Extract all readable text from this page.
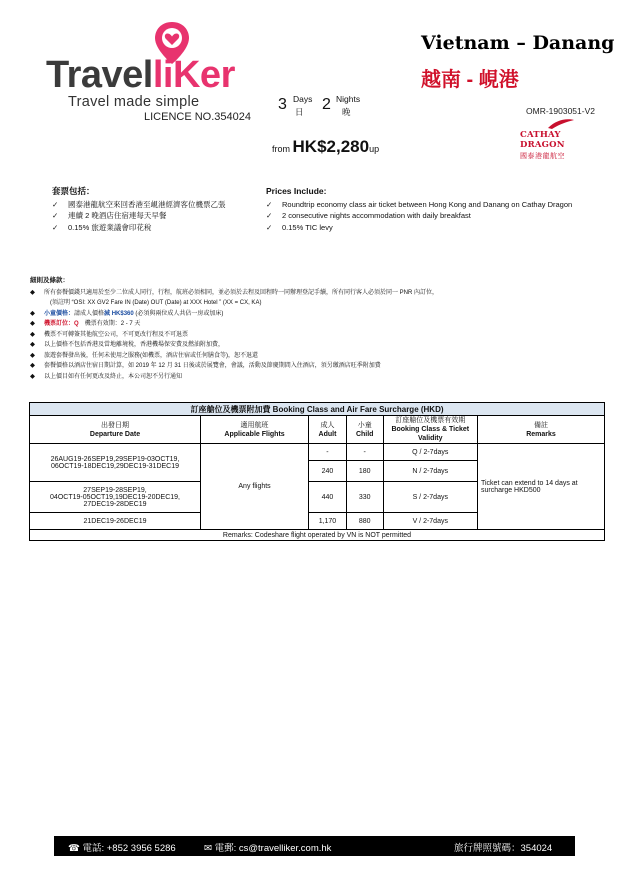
TravelliKer
Travel made simple
LICENCE NO.354024
Vietnam – Danang
越南 - 峴港
OMR-1903051-V2
CATHAY DRAGON
國泰港龍航空
3 Days
日 2 Nights
晚
from HK$2,280up
套票包括：
✓ 國泰港龍航空來回香港至峴港經濟客位機票乙張
✓ 連續 2 晚酒店住宿連每天早餐
✓ 0.15% 旅遊業議會印花稅
Prices Include:
✓ Roundtrip economy class air ticket between Hong Kong and Danang on Cathay Dragon
✓ 2 consecutive nights accommodation with daily breakfast
✓ 0.15% TIC levy
細則及條款：
◆ 所有套餐價錢只適用於至少二位成人同行，行程，航班必須相同，並必須於去程及回程時一同辦理登記手續，所有同行客人必須於同一 PNR 內訂位，
(須註明 “OSI: XX GV2 Fare IN (Date) OUT (Date) at XXX Hotel ” (XX = CX, KA)
◆ 小童價格：請成人價格減 HK$360 (必須與兩位成人共佔一房或加床)
◆ 機票訂位：Q　機票有效期：2 - 7 天
◆ 機票不可轉簽其他航空公司，不可更改行程及不可退票
◆ 以上價格不包括香港及當地離境稅，香港機場保安費及燃油附加費，
◆ 旅遊套餐發出後，任何未使用之服務(如機票，酒店住宿或任何膳食等)，恕不退還
◆ 套餐價格以酒店住宿日期計算，如 2019 年 12 月 31 日後或於展覽會，會議，活動及節慶期間入住酒店，須另繳酒店旺季附加費
◆ 以上價目如有任何更改及終止，本公司恕不另行通知
訂座艙位及機票附加費 Booking Class and Air Fare Surcharge (HKD)					
出發日期
Departure Date	適用航班
Applicable Flights	成人
Adult	小童
Child	訂座艙位及機票有效期
Booking Class & Ticket Validity	備註
Remarks
26AUG19-26SEP19,29SEP19-03OCT19,
06OCT19-18DEC19,29DEC19-31DEC19	Any flights	-	-	Q / 2-7days	Ticket can extend to 14 days at surcharge HKD500
		240	180	N / 2-7days	
27SEP19-28SEP19,
04OCT19-05OCT19,19DEC19-20DEC19,
27DEC19-28DEC19		440	330	S / 2-7days	
21DEC19-26DEC19		1,170	880	V / 2-7days	
Remarks: Codeshare flight operated by VN is NOT permitted					
☎ 電話: +852 3956 5286	✉ 電郵: cs@travelliker.com.hk	旅行牌照號碼：354024
